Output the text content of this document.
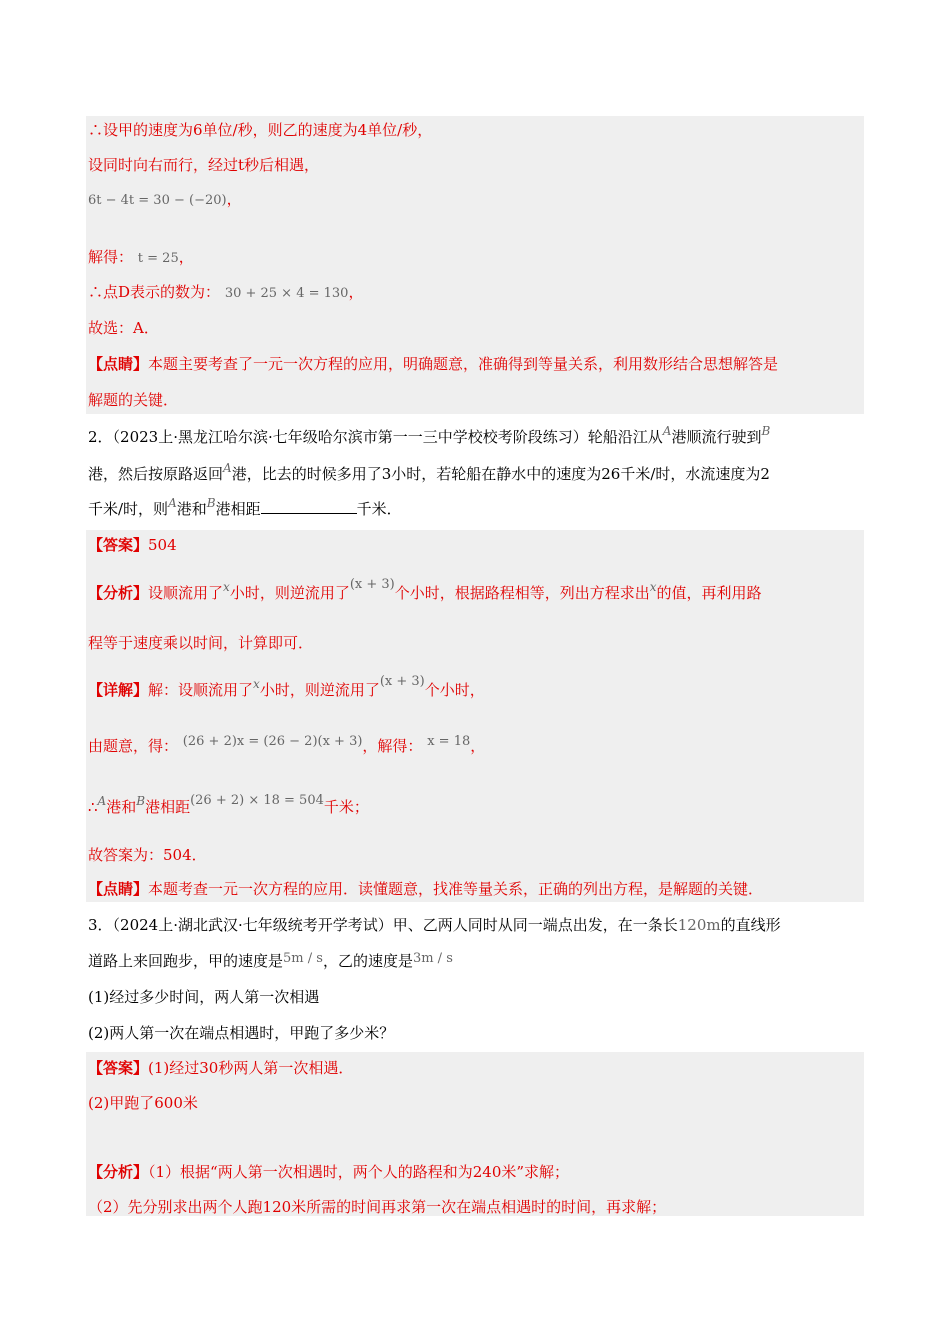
∴设甲的速度为6单位/秒，则乙的速度为4单位/秒，
设同时向右而行，经过t秒后相遇，
6t − 4t = 30 − (−20)，
解得： t = 25，
∴点D表示的数为： 30 + 25 × 4 = 130，
故选：A．
【点睛】本题主要考查了一元一次方程的应用，明确题意，准确得到等量关系，利用数形结合思想解答是
解题的关键．
2．（2023上·黑龙江哈尔滨·七年级哈尔滨市第一一三中学校校考阶段练习）轮船沿江从$^A$港顺流行驶到$^B$
港，然后按原路返回$^A$港，比去的时候多用了3小时，若轮船在静水中的速度为26千米/时，水流速度为2
千米/时，则$^A$港和$^B$港相距	千米．
【答案】504
【分析】设顺流用了$^x$小时，则逆流用了(x + 3)个小时，根据路程相等，列出方程求出$^x$的值，再利用路
程等于速度乘以时间，计算即可．
【详解】解：设顺流用了$^x$小时，则逆流用了(x + 3)个小时，
由题意，得： (26 + 2)x = (26 − 2)(x + 3)，解得： x = 18，
∴$^A$港和$^B$港相距(26 + 2) × 18 = 504千米；
故答案为：504．
【点睛】本题考查一元一次方程的应用．读懂题意，找准等量关系，正确的列出方程，是解题的关键．
3．（2024上·湖北武汉·七年级统考开学考试）甲、乙两人同时从同一端点出发，在一条长120m的直线形
道路上来回跑步，甲的速度是5m / s，乙的速度是3m / s
(1)经过多少时间，两人第一次相遇
(2)两人第一次在端点相遇时，甲跑了多少米？
【答案】(1)经过30秒两人第一次相遇．
(2)甲跑了600米
【分析】（1）根据“两人第一次相遇时，两个人的路程和为240米”求解；
（2）先分别求出两个人跑120米所需的时间再求第一次在端点相遇时的时间，再求解；
